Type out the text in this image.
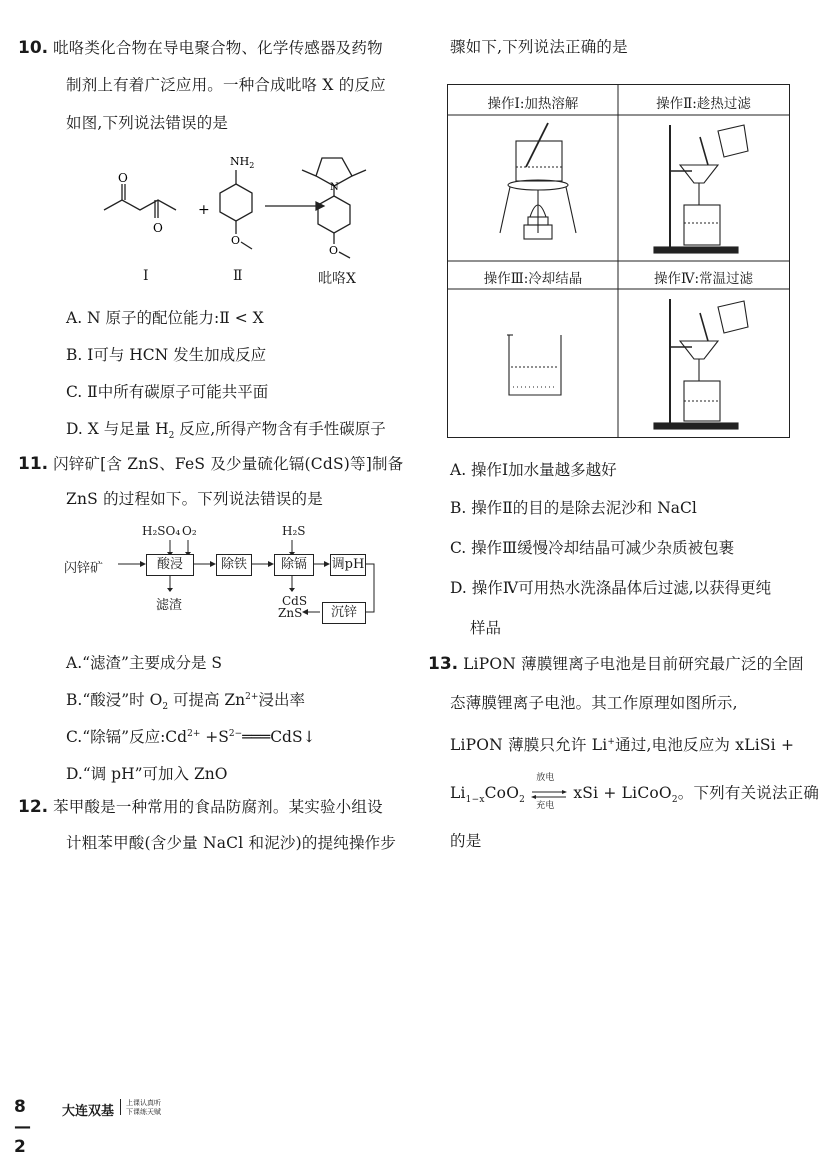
10. 吡咯类化合物在导电聚合物、化学传感器及药物
制剂上有着广泛应用。一种合成吡咯 X 的反应
如图,下列说法错误的是
O
O
+
$NH_2$
O
N
O
Ⅰ	Ⅱ	吡咯X
A. N 原子的配位能力:Ⅱ < X
B. Ⅰ可与 HCN 发生加成反应
C. Ⅱ中所有碳原子可能共平面
D. X 与足量 $H_2$ 反应,所得产物含有手性碳原子
11. 闪锌矿[含 ZnS、FeS 及少量硫化镉(CdS)等]制备
ZnS 的过程如下。下列说法错误的是
闪锌矿
H₂SO₄ O₂	H₂S
酸浸	除铁	除镉	调pH
沉锌
滤渣	CdS
ZnS
A.“滤渣”主要成分是 S
B.“酸浸”时 $O_2$ 可提高 $Zn^{2+}$浸出率
C.“除镉”反应$:Cd^{2+}$ $+S^{2-}═══CdS↓$
D.“调 pH”可加入 ZnO
12. 苯甲酸是一种常用的食品防腐剂。某实验小组设
计粗苯甲酸(含少量 NaCl 和泥沙)的提纯操作步
骤如下,下列说法正确的是
操作Ⅰ:加热溶解	操作Ⅱ:趁热过滤
操作Ⅲ:冷却结晶	操作Ⅳ:常温过滤
A. 操作Ⅰ加水量越多越好
B. 操作Ⅱ的目的是除去泥沙和 NaCl
C. 操作Ⅲ缓慢冷却结晶可减少杂质被包裹
D. 操作Ⅳ可用热水洗涤晶体后过滤,以获得更纯
样品
13. LiPON 薄膜锂离子电池是目前研究最广泛的全固
态薄膜锂离子电池。其工作原理如图所示,
LiPON 薄膜只允许 Li+通过,电池反应为 xLiSi +
$Li_{1-x}CoO_2$
放电
充电
xSi + LiCoO$_2$。下列有关说法正确
的是
8—2
大连双基
上课认真听
下课练天赋
